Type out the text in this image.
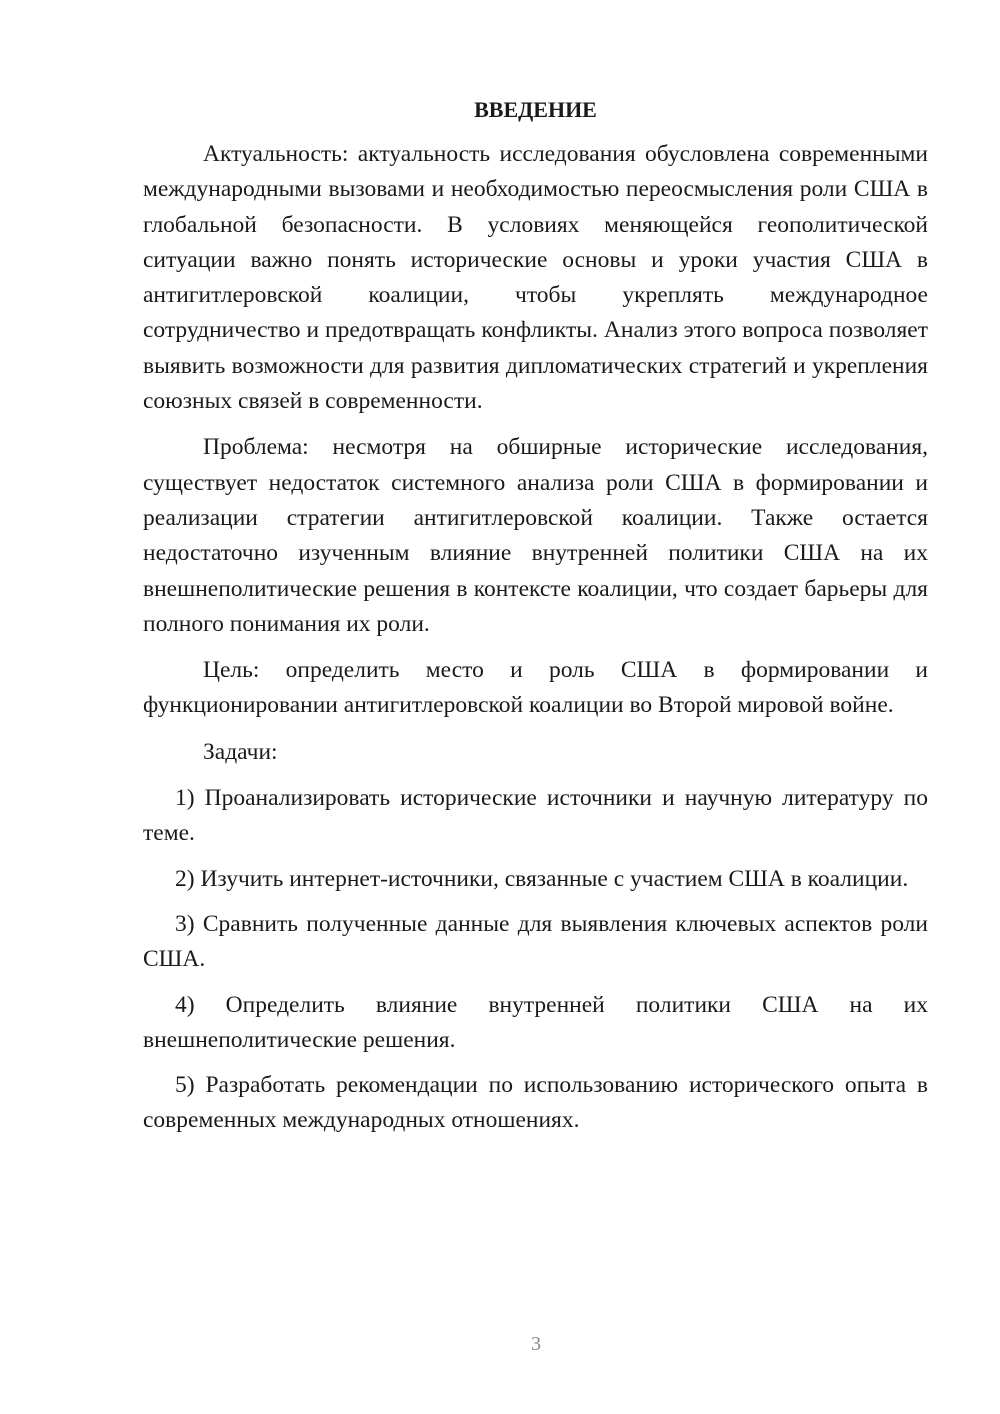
ВВЕДЕНИЕ

Актуальность: актуальность исследования обусловлена современными международными вызовами и необходимостью переосмысления роли США в глобальной безопасности. В условиях меняющейся геополитической ситуации важно понять исторические основы и уроки участия США в антигитлеровской коалиции, чтобы укреплять международное сотрудничество и предотвращать конфликты. Анализ этого вопроса позволяет выявить возможности для развития дипломатических стратегий и укрепления союзных связей в современности.

Проблема: несмотря на обширные исторические исследования, существует недостаток системного анализа роли США в формировании и реализации стратегии антигитлеровской коалиции. Также остается недостаточно изученным влияние внутренней политики США на их внешнеполитические решения в контексте коалиции, что создает барьеры для полного понимания их роли.

Цель: определить место и роль США в формировании и функционировании антигитлеровской коалиции во Второй мировой войне.

Задачи:

1) Проанализировать исторические источники и научную литературу по теме.

2) Изучить интернет-источники, связанные с участием США в коалиции.

3) Сравнить полученные данные для выявления ключевых аспектов роли США.

4) Определить влияние внутренней политики США на их внешнеполитические решения.

5) Разработать рекомендации по использованию исторического опыта в современных международных отношениях.

3
